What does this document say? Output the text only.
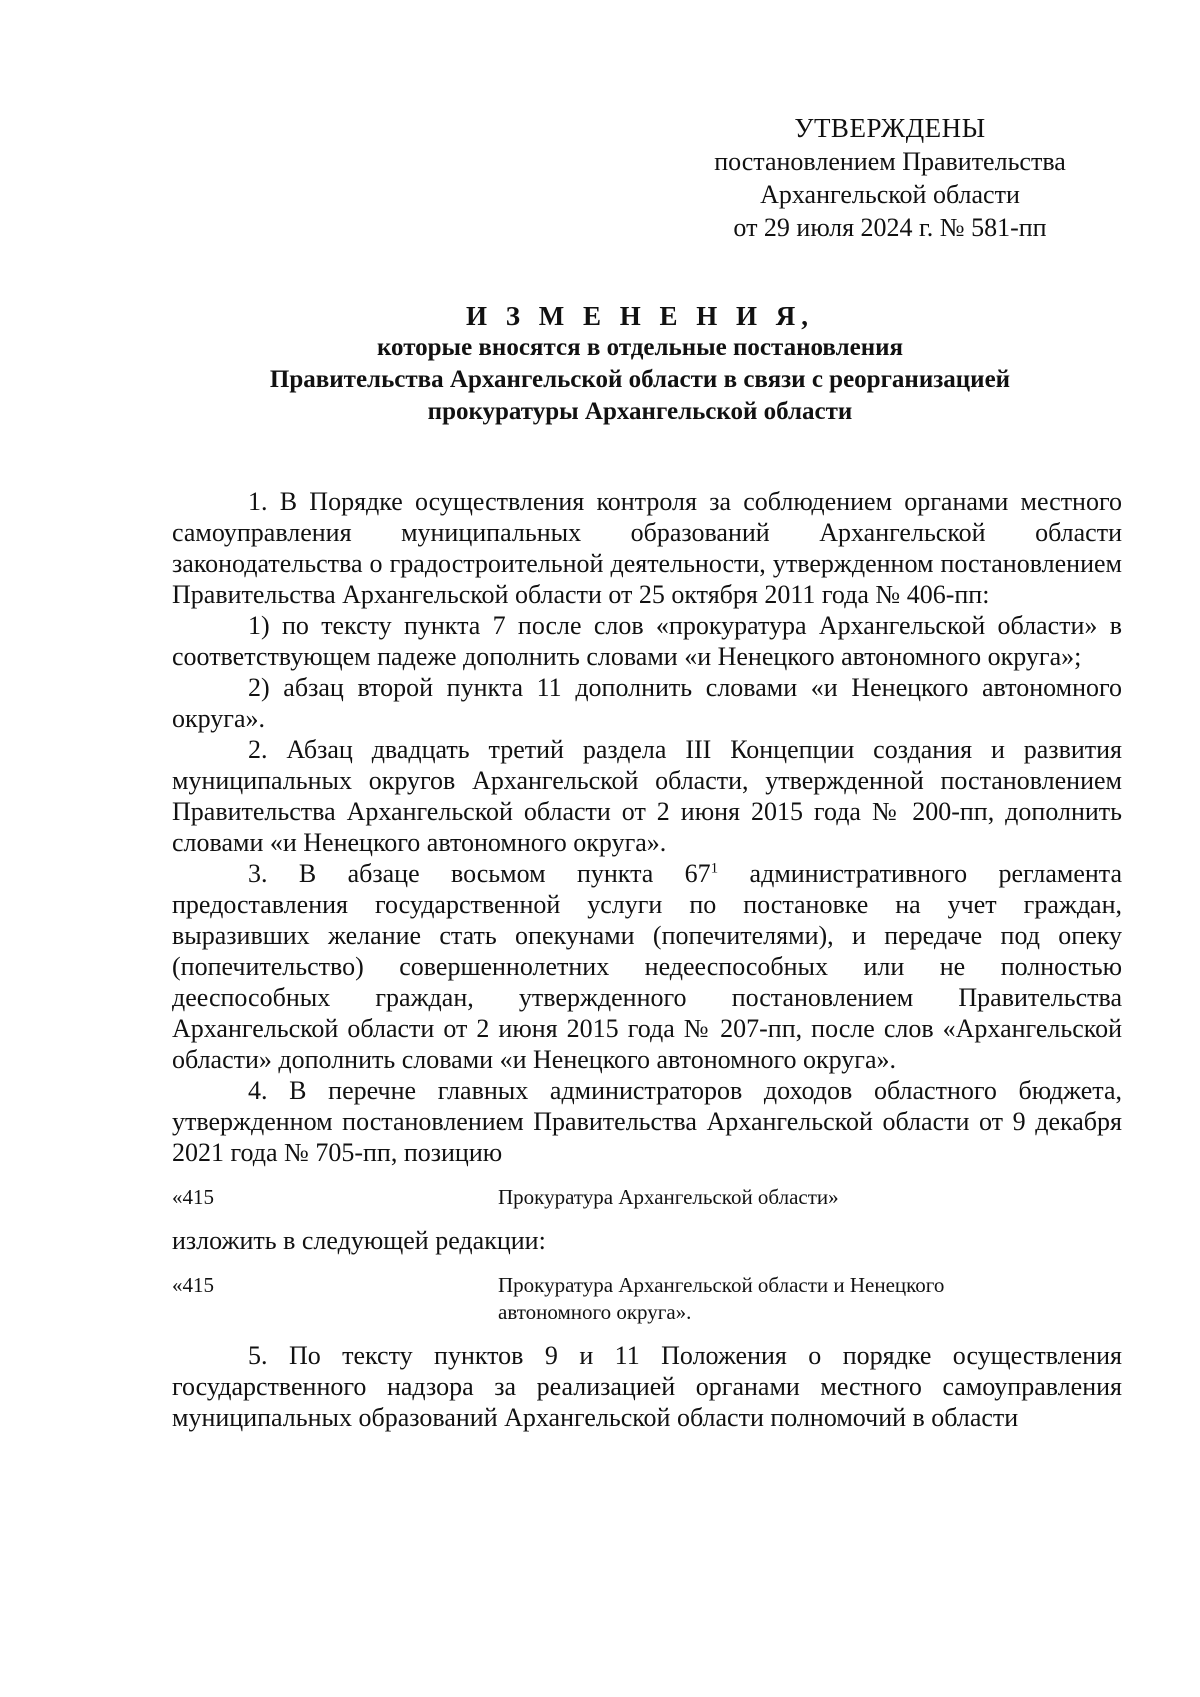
УТВЕРЖДЕНЫ
постановлением Правительства
Архангельской области
от 29 июля 2024 г. № 581-пп
И З М Е Н Е Н И Я,
которые вносятся в отдельные постановления
Правительства Архангельской области в связи с реорганизацией
прокуратуры Архангельской области

1. В Порядке осуществления контроля за соблюдением органами местного самоуправления муниципальных образований Архангельской области законодательства о градостроительной деятельности, утвержденном постановлением Правительства Архангельской области от 25 октября 2011 года № 406-пп:

1) по тексту пункта 7 после слов «прокуратура Архангельской области» в соответствующем падеже дополнить словами «и Ненецкого автономного округа»;

2) абзац второй пункта 11 дополнить словами «и Ненецкого автономного округа».

2. Абзац двадцать третий раздела III Концепции создания и развития муниципальных округов Архангельской области, утвержденной постановлением Правительства Архангельской области от 2 июня 2015 года № 200-пп, дополнить словами «и Ненецкого автономного округа».

3. В абзаце восьмом пункта $67^1$ административного регламента предоставления государственной услуги по постановке на учет граждан, выразивших желание стать опекунами (попечителями), и передаче под опеку (попечительство) совершеннолетних недееспособных или не полностью дееспособных граждан, утвержденного постановлением Правительства Архангельской области от 2 июня 2015 года № 207-пп, после слов «Архангельской области» дополнить словами «и Ненецкого автономного округа».

4. В перечне главных администраторов доходов областного бюджета, утвержденном постановлением Правительства Архангельской области от 9 декабря 2021 года № 705-пп, позицию

«415	Прокуратура Архангельской области»

изложить в следующей редакции:

«415	Прокуратура Архангельской области и Ненецкого автономного округа».

5. По тексту пунктов 9 и 11 Положения о порядке осуществления государственного надзора за реализацией органами местного самоуправления муниципальных образований Архангельской области полномочий в области
